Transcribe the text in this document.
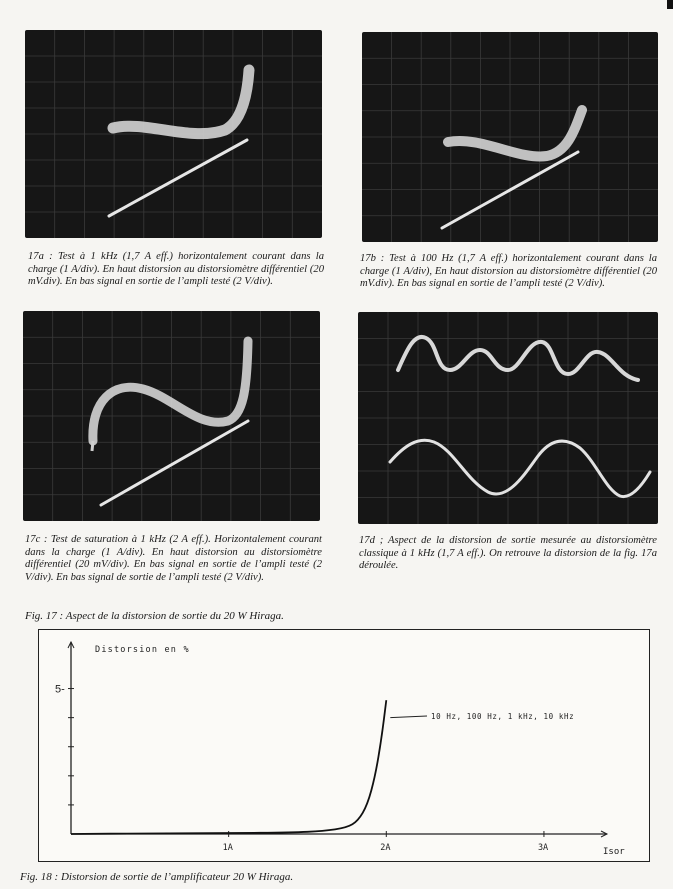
17a : Test à 1 kHz (1,7 A eff.) horizontalement courant dans la charge (1 A/div). En haut distorsion au distorsiomètre différentiel (20 mV.div). En bas signal en sortie de l’ampli testé (2 V/div).
17b : Test à 100 Hz (1,7 A eff.) horizontalement courant dans la charge (1 A/div), En haut distorsion au distorsiomètre différentiel (20 mV.div). En bas signal en sortie de l’ampli testé (2 V/div).
17c : Test de saturation à 1 kHz (2 A eff.). Horizontalement courant dans la charge (1 A/div). En haut distorsion au distorsiomètre différentiel (20 mV/div). En bas signal en sortie de l’ampli testé (2 V/div). En bas signal de sortie de l’ampli testé (2 V/div).
17d ; Aspect de la distorsion de sortie mesurée au distorsiomètre classique à 1 kHz (1,7 A eff.). On retrouve la distorsion de la fig. 17a déroulée.
Fig. 17 : Aspect de la distorsion de sortie du 20 W Hiraga.
Distorsion en %
Isor
10 Hz, 100 Hz, 1 kHz, 10 kHz
5-
1A	2A	3A
Fig. 18 : Distorsion de sortie de l’amplificateur 20 W Hiraga.
